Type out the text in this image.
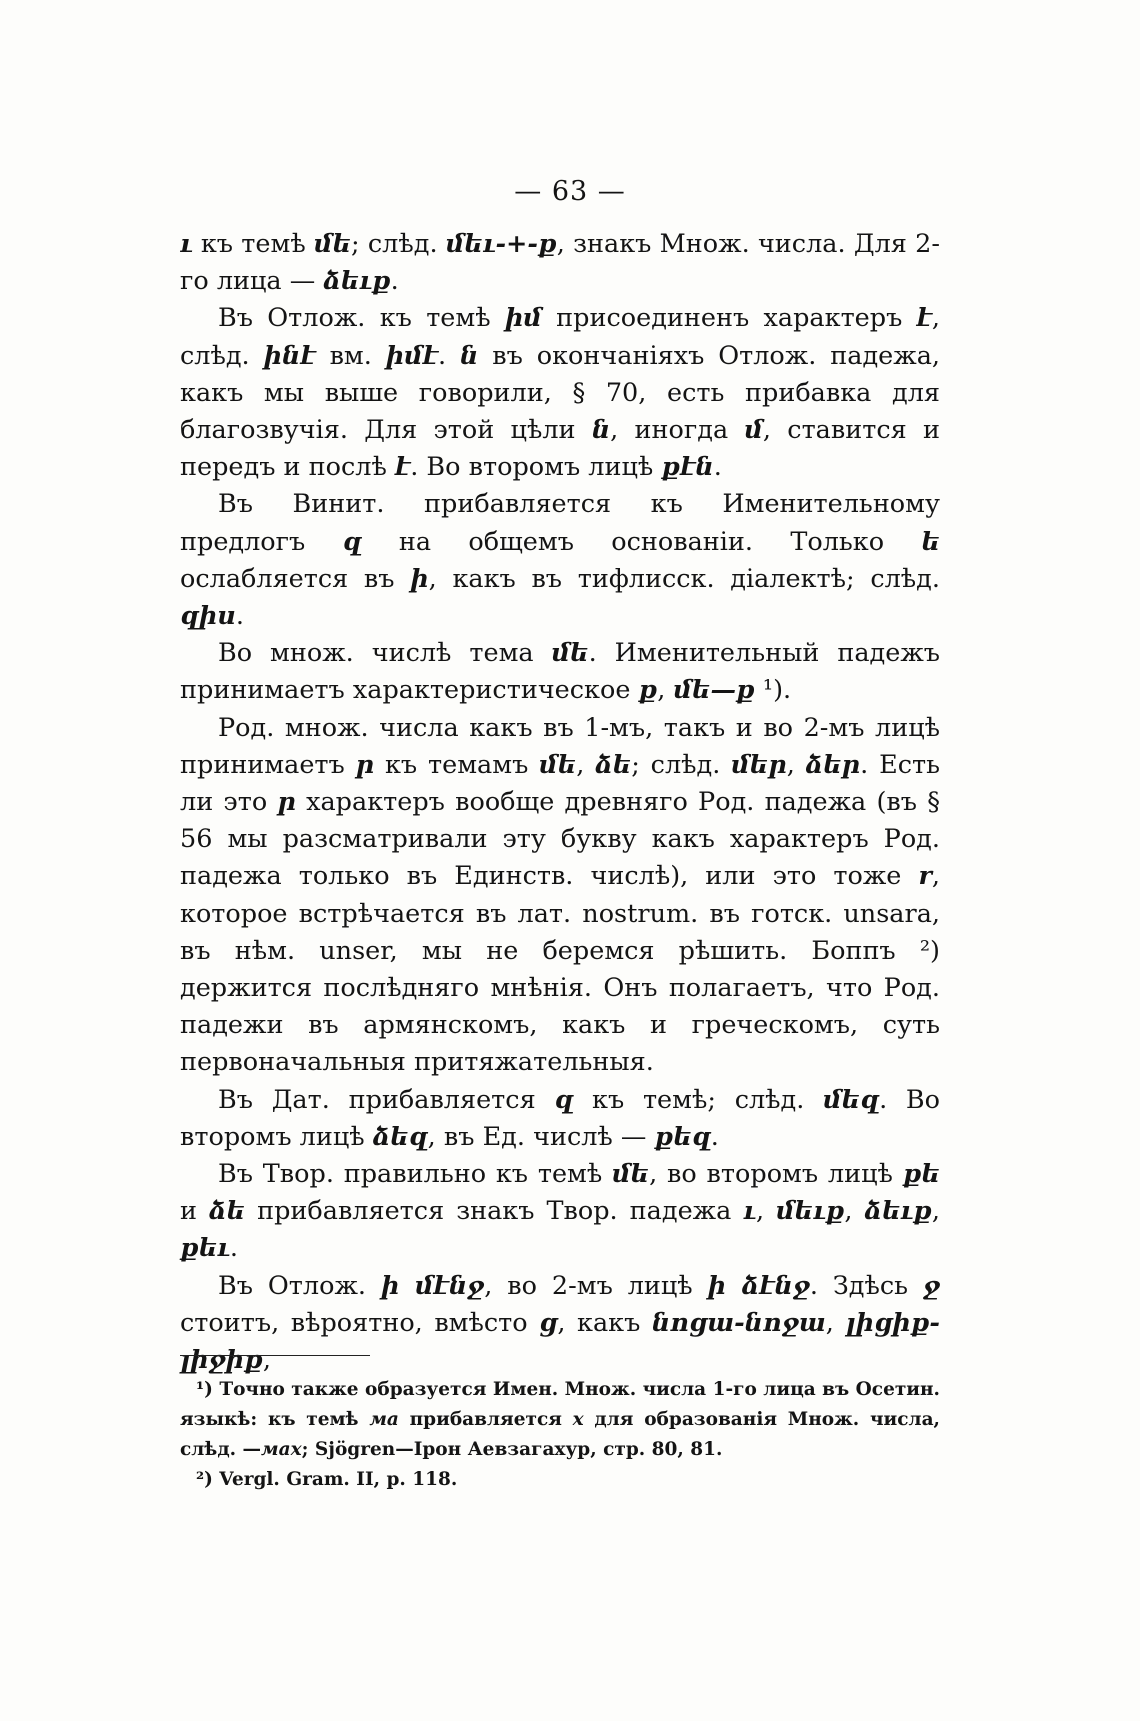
— 63 —

ւ къ темѣ մե; слѣд. մեւ-+-ք, знакъ Множ. числа. Для 2-го лица — ձեւք.

Въ Отлож. къ темѣ իմ присоединенъ характеръ է, слѣд. ինէ вм. իմէ. ն въ окончаніяхъ Отлож. падежа, какъ мы выше говорили, § 70, есть прибавка для благозвучія. Для этой цѣли ն, иногда մ, ставится и передъ и послѣ է. Во второмъ лицѣ քէն.

Въ Винит. прибавляется къ Именительному предлогъ զ на общемъ основаніи. Только ե ослабляется въ ի, какъ въ тифлисск. діалектѣ; слѣд. զիս.

Во множ. числѣ тема մե. Именительный падежъ принимаетъ характеристическое ք, մե—ք ¹).

Род. множ. числа какъ въ 1-мъ, такъ и во 2-мъ лицѣ принимаетъ ր къ темамъ մե, ձե; слѣд. մեր, ձեր. Есть ли это ր характеръ вообще древняго Род. падежа (въ § 56 мы разсматривали эту букву какъ характеръ Род. падежа только въ Единств. числѣ), или это тоже r, которое встрѣчается въ лат. nostrum. въ готск. unsara, въ нѣм. unser, мы не беремся рѣшить. Боппъ ²) держится послѣдняго мнѣнія. Онъ полагаетъ, что Род. падежи въ армянскомъ, какъ и греческомъ, суть первоначальныя притяжательныя.

Въ Дат. прибавляется զ къ темѣ; слѣд. մեզ. Во второмъ лицѣ ձեզ, въ Ед. числѣ — քեզ.

Въ Твор. правильно къ темѣ մե, во второмъ лицѣ քե и ձե прибавляется знакъ Твор. падежа ւ, մեւք, ձեւք, քեւ.

Въ Отлож. ի մէնջ, во 2-мъ лицѣ ի ձէնջ. Здѣсь ջ стоитъ, вѣроятно, вмѣсто ց, какъ նոցա-նոջա, լիցիք-լիջիք,

¹) Точно также образуется Имен. Множ. числа 1-го лица въ Осетин. языкѣ: къ темѣ ма прибавляется х для образованія Множ. числа, слѣд. —мах; Sjögren—Ірон Аевзагахур, стр. 80, 81.

²) Vergl. Gram. II, p. 118.
